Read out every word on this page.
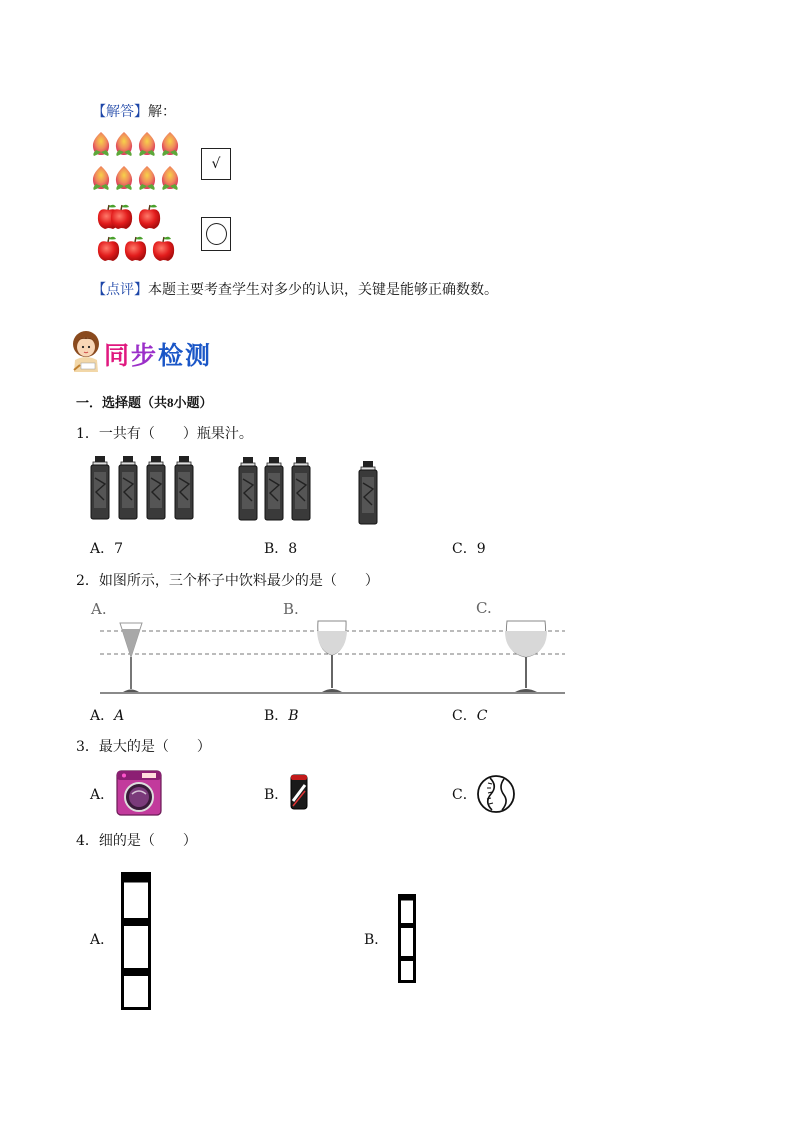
【解答】解：
√
【点评】本题主要考查学生对多少的认识，关键是能够正确数数。
同步检测
一．选择题（共8小题）
1．一共有（　　）瓶果汁。
A．7	B．8	C．9
2．如图所示，三个杯子中饮料最少的是（　　）
A.	B.	C.
A．A	B．B	C．C
3．最大的是（　　）
A．	B．	C．
4．细的是（　　）
A．	B．
